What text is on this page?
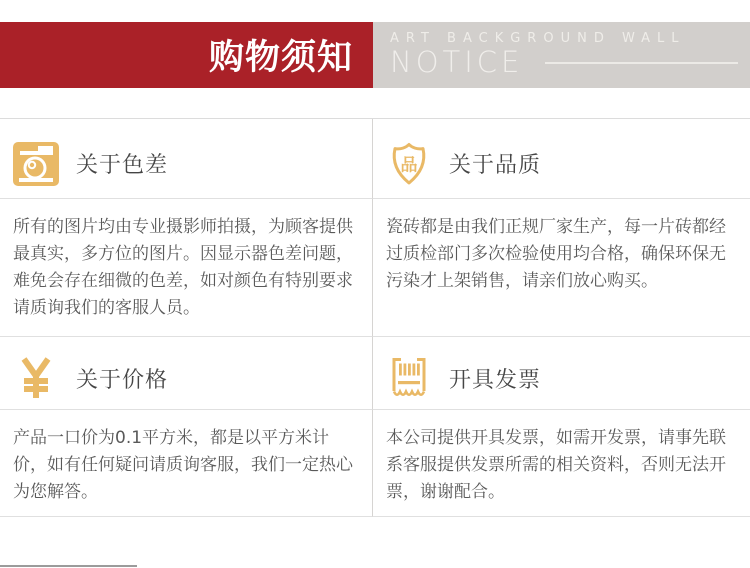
购物须知	ART BACKGROUND WALL
NOTICE
关于色差	品 关于品质
所有的图片均由专业摄影师拍摄，为顾客提供最真实，多方位的图片。因显示器色差问题，难免会存在细微的色差，如对颜色有特别要求请质询我们的客服人员。
瓷砖都是由我们正规厂家生产，每一片砖都经过质检部门多次检验使用均合格，确保环保无污染才上架销售，请亲们放心购买。
关于价格	开具发票
产品一口价为0.1平方米，都是以平方米计价，如有任何疑问请质询客服，我们一定热心为您解答。
本公司提供开具发票，如需开发票，请事先联系客服提供发票所需的相关资料，否则无法开票，谢谢配合。
